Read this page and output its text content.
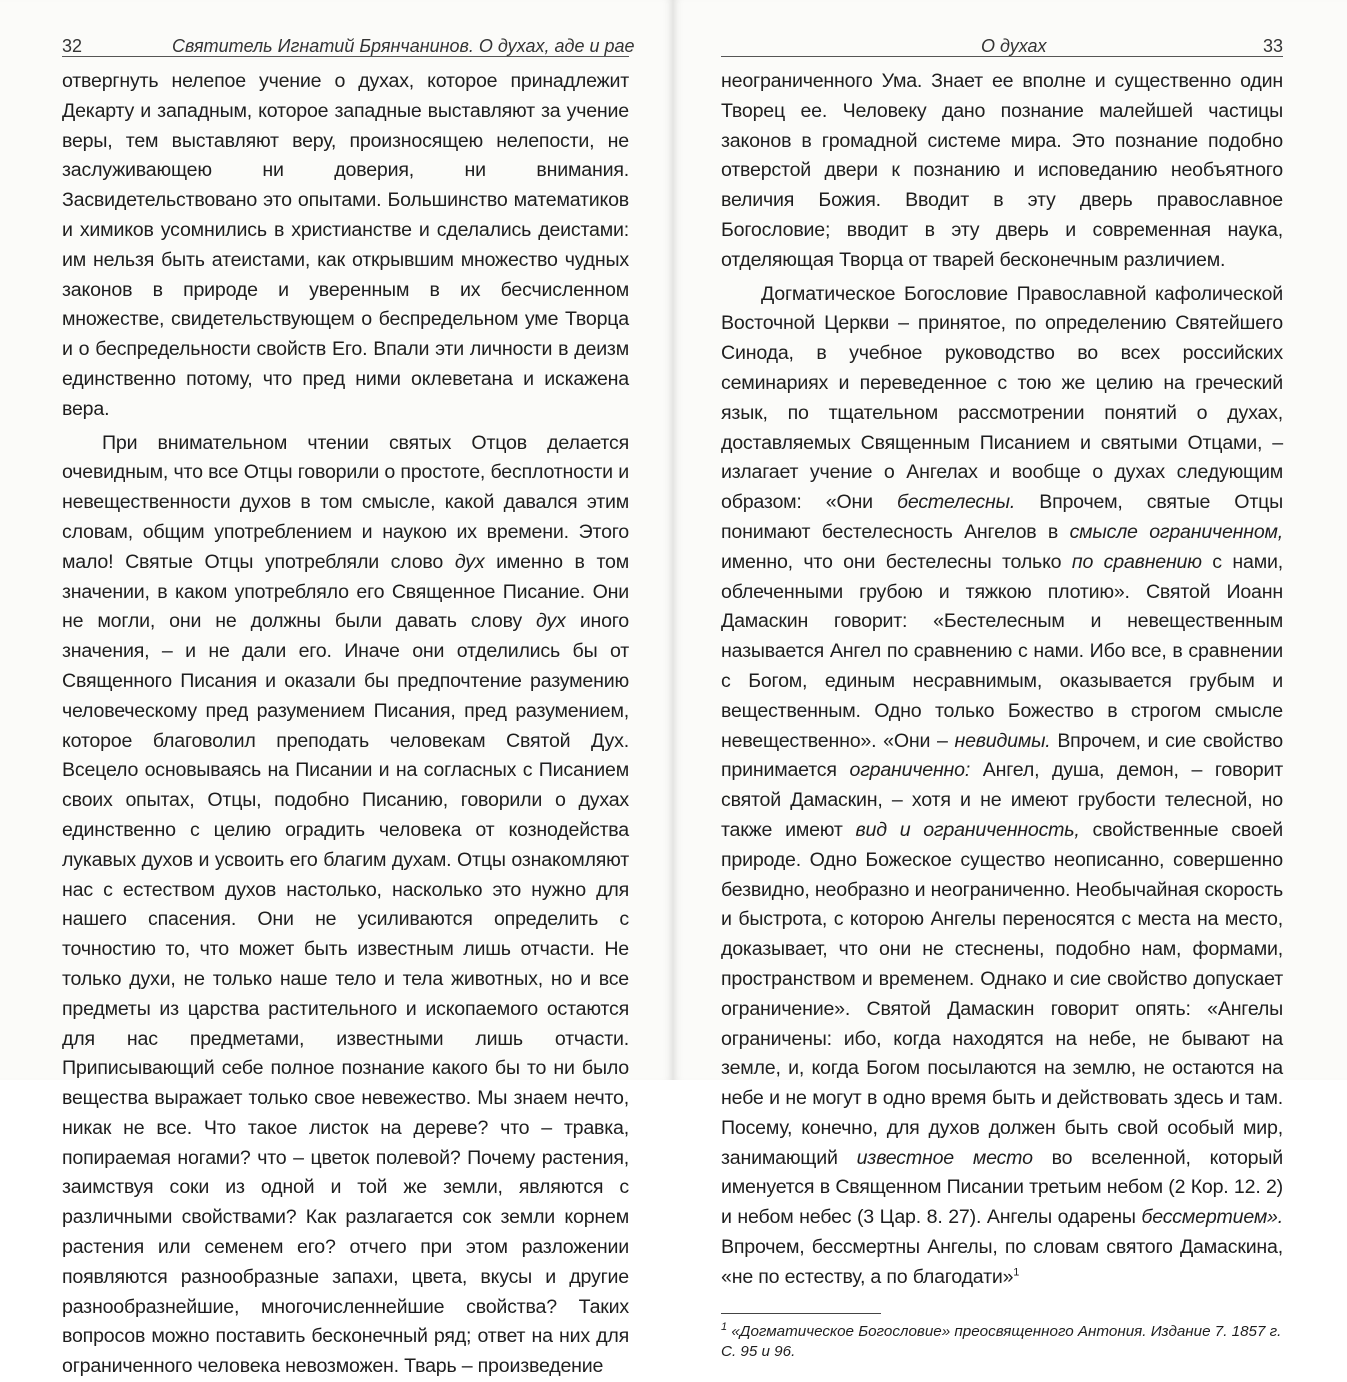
32	Святитель Игнатий Брянчанинов. О духах, аде и рае

отвергнуть нелепое учение о духах, которое принадлежит Декарту и западным, которое западные выставляют за учение веры, тем выставляют веру, произносящею нелепости, не заслуживающею ни доверия, ни внимания. Засвидетельствовано это опытами. Большинство математиков и химиков усомнились в христианстве и сделались деистами: им нельзя быть атеистами, как открывшим множество чудных законов в природе и уверенным в их бесчисленном множестве, свидетельствующем о беспредельном уме Творца и о беспредельности свойств Его. Впали эти личности в деизм единственно потому, что пред ними оклеветана и искажена вера.

При внимательном чтении святых Отцов делается очевидным, что все Отцы говорили о простоте, бесплотности и невещественности духов в том смысле, какой давался этим словам, общим употреблением и наукою их времени. Этого мало! Святые Отцы употребляли слово дух именно в том значении, в каком употребляло его Священное Писание. Они не могли, они не должны были давать слову дух иного значения, – и не дали его. Иначе они отделились бы от Священного Писания и оказали бы предпочтение разумению человеческому пред разумением Писания, пред разумением, которое благоволил преподать человекам Святой Дух. Всецело основываясь на Писании и на согласных с Писанием своих опытах, Отцы, подобно Писанию, говорили о духах единственно с целию оградить человека от кознодейства лукавых духов и усвоить его благим духам. Отцы ознакомляют нас с естеством духов настолько, насколько это нужно для нашего спасения. Они не усиливаются определить с точностию то, что может быть известным лишь отчасти. Не только духи, не только наше тело и тела животных, но и все предметы из царства растительного и ископаемого остаются для нас предметами, известными лишь отчасти. Приписывающий себе полное познание какого бы то ни было вещества выражает только свое невежество. Мы знаем нечто, никак не все. Что такое листок на дереве? что – травка, попираемая ногами? что – цветок полевой? Почему растения, заимствуя соки из одной и той же земли, являются с различными свойствами? Как разлагается сок земли корнем растения или семенем его? отчего при этом разложении появляются разнообразные запахи, цвета, вкусы и другие разнообразнейшие, многочисленнейшие свойства? Таких вопросов можно поставить бесконечный ряд; ответ на них для ограниченного человека невозможен. Тварь – произведение

О духах	33

неограниченного Ума. Знает ее вполне и существенно один Творец ее. Человеку дано познание малейшей частицы законов в громадной системе мира. Это познание подобно отверстой двери к познанию и исповеданию необъятного величия Божия. Вводит в эту дверь православное Богословие; вводит в эту дверь и современная наука, отделяющая Творца от тварей бесконечным различием.

Догматическое Богословие Православной кафолической Восточной Церкви – принятое, по определению Святейшего Синода, в учебное руководство во всех российских семинариях и переведенное с тою же целию на греческий язык, по тщательном рассмотрении понятий о духах, доставляемых Священным Писанием и святыми Отцами, – излагает учение о Ангелах и вообще о духах следующим образом: «Они бестелесны. Впрочем, святые Отцы понимают бестелесность Ангелов в смысле ограниченном, именно, что они бестелесны только по сравнению с нами, облеченными грубою и тяжкою плотию». Святой Иоанн Дамаскин говорит: «Бестелесным и невещественным называется Ангел по сравнению с нами. Ибо все, в сравнении с Богом, единым несравнимым, оказывается грубым и вещественным. Одно только Божество в строгом смысле невещественно». «Они – невидимы. Впрочем, и сие свойство принимается ограниченно: Ангел, душа, демон, – говорит святой Дамаскин, – хотя и не имеют грубости телесной, но также имеют вид и ограниченность, свойственные своей природе. Одно Божеское существо неописанно, совершенно безвидно, необразно и неограниченно. Необычайная скорость и быстрота, с которою Ангелы переносятся с места на место, доказывает, что они не стеснены, подобно нам, формами, пространством и временем. Однако и сие свойство допускает ограничение». Святой Дамаскин говорит опять: «Ангелы ограничены: ибо, когда находятся на небе, не бывают на земле, и, когда Богом посылаются на землю, не остаются на небе и не могут в одно время быть и действовать здесь и там. Посему, конечно, для духов должен быть свой особый мир, занимающий известное место во вселенной, который именуется в Священном Писании третьим небом (2 Кор. 12. 2) и небом небес (3 Цар. 8. 27). Ангелы одарены бессмертием». Впрочем, бессмертны Ангелы, по словам святого Дамаскина, «не по естеству, а по благодати»$^1$

$^1$ «Догматическое Богословие» преосвященного Антония. Издание 7. 1857 г. С. 95 и 96.
